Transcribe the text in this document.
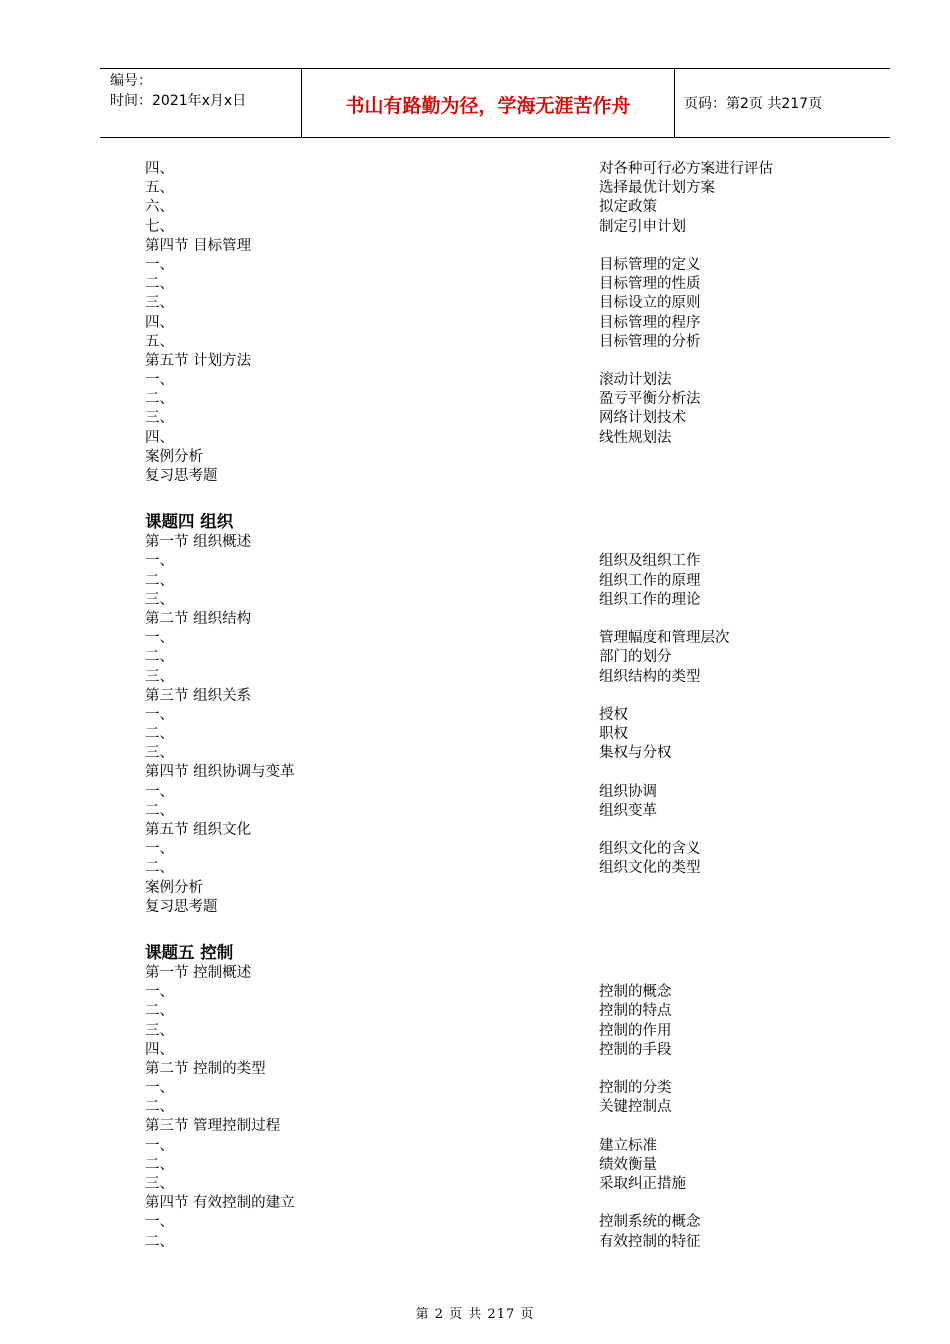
编号：
时间：2021年x月x日	书山有路勤为径，学海无涯苦作舟	页码：第2页 共217页
四、	对各种可行必方案进行评估
五、	选择最优计划方案
六、	拟定政策
七、	制定引申计划
第四节 目标管理
一、	目标管理的定义
二、	目标管理的性质
三、	目标设立的原则
四、	目标管理的程序
五、	目标管理的分析
第五节 计划方法
一、	滚动计划法
二、	盈亏平衡分析法
三、	网络计划技术
四、	线性规划法
案例分析
复习思考题
课题四 组织
第一节 组织概述
一、	组织及组织工作
二、	组织工作的原理
三、	组织工作的理论
第二节 组织结构
一、	管理幅度和管理层次
二、	部门的划分
三、	组织结构的类型
第三节 组织关系
一、	授权
二、	职权
三、	集权与分权
第四节 组织协调与变革
一、	组织协调
二、	组织变革
第五节 组织文化
一、	组织文化的含义
二、	组织文化的类型
案例分析
复习思考题
课题五 控制
第一节 控制概述
一、	控制的概念
二、	控制的特点
三、	控制的作用
四、	控制的手段
第二节 控制的类型
一、	控制的分类
二、	关键控制点
第三节 管理控制过程
一、	建立标准
二、	绩效衡量
三、	采取纠正措施
第四节 有效控制的建立
一、	控制系统的概念
二、	有效控制的特征
第 2 页 共 217 页
